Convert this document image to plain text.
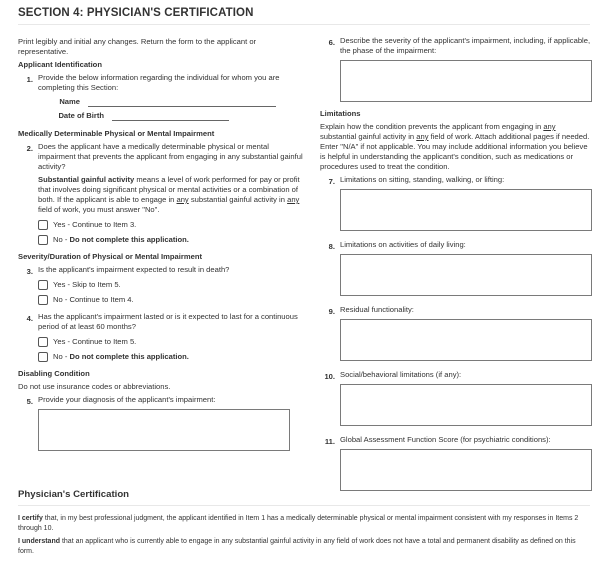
SECTION 4: PHYSICIAN'S CERTIFICATION
Print legibly and initial any changes. Return the form to the applicant or representative.
Applicant Identification
1. Provide the below information regarding the individual for whom you are completing this Section:
Name
Date of Birth
Medically Determinable Physical or Mental Impairment
2. Does the applicant have a medically determinable physical or mental impairment that prevents the applicant from engaging in any substantial gainful activity?
Substantial gainful activity means a level of work performed for pay or profit that involves doing significant physical or mental activities or a combination of both. If the applicant is able to engage in any substantial gainful activity in any field of work, you must answer "No".
Yes - Continue to Item 3.
No -
Do not complete this application.
Severity/Duration of Physical or Mental Impairment
3. Is the applicant's impairment expected to result in death?
Yes - Skip to Item 5.
No - Continue to Item 4.
4. Has the applicant's impairment lasted or is it expected to last for a continuous period of at least 60 months?
Yes - Continue to Item 5.
No -
Do not complete this application.
Disabling Condition
Do not use insurance codes or abbreviations.
5. Provide your diagnosis of the applicant's impairment:
6. Describe the severity of the applicant's impairment, including, if applicable, the phase of the impairment:
Limitations
Explain how the condition prevents the applicant from engaging in any substantial gainful activity in any field of work. Attach additional pages if needed. Enter "N/A" if not applicable. You may include additional information you believe is helpful in understanding the applicant's condition, such as medications or procedures used to treat the condition.
7. Limitations on sitting, standing, walking, or lifting:
8. Limitations on activities of daily living:
9. Residual functionality:
10. Social/behavioral limitations (if any):
11. Global Assessment Function Score (for psychiatric conditions):
Physician's Certification

I certify that, in my best professional judgment, the applicant identified in Item 1 has a medically determinable physical or mental impairment consistent with my responses in Items 2 through 10.

I understand that an applicant who is currently able to engage in any substantial gainful activity in any field of work does not have a total and permanent disability as defined on this form.
